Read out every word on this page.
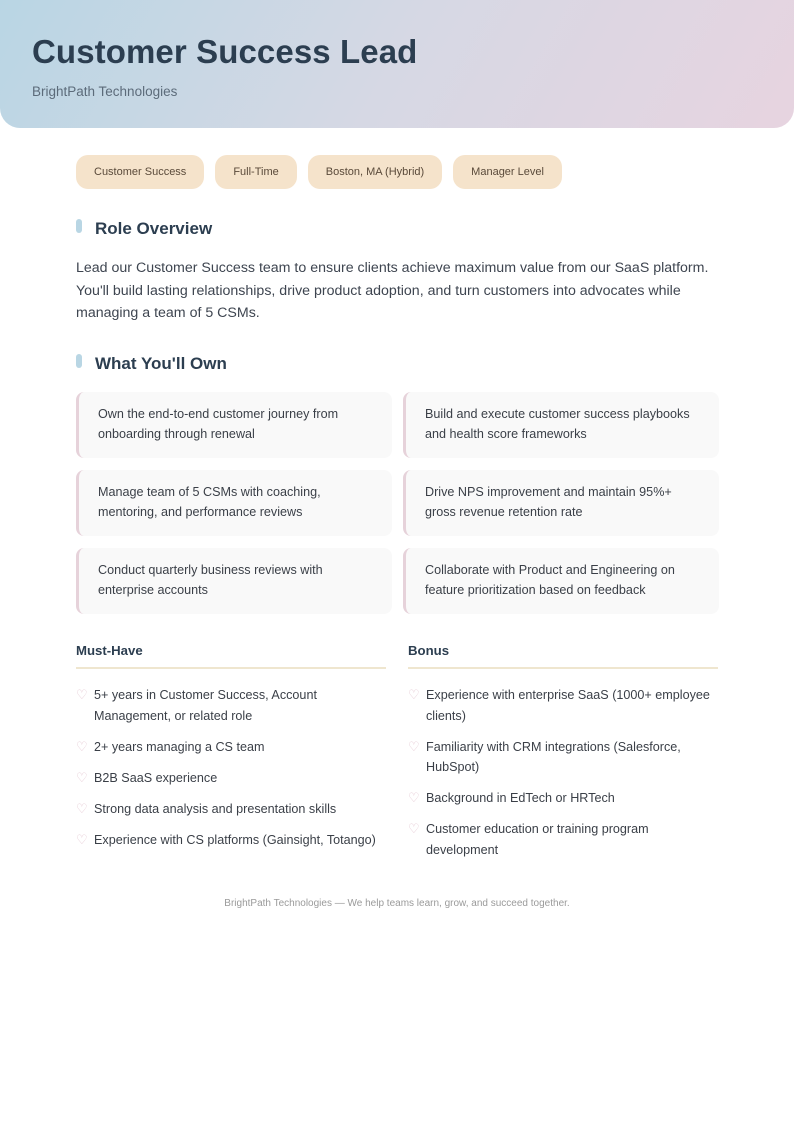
Customer Success Lead
BrightPath Technologies
Customer Success	Full-Time	Boston, MA (Hybrid)	Manager Level
Role Overview

Lead our Customer Success team to ensure clients achieve maximum value from our SaaS platform. You'll build lasting relationships, drive product adoption, and turn customers into advocates while managing a team of 5 CSMs.

What You'll Own
Own the end-to-end customer journey from onboarding through renewal
Build and execute customer success playbooks and health score frameworks
Manage team of 5 CSMs with coaching, mentoring, and performance reviews
Drive NPS improvement and maintain 95%+ gross revenue retention rate
Conduct quarterly business reviews with enterprise accounts
Collaborate with Product and Engineering on feature prioritization based on feedback
Must-Have
♡ 5+ years in Customer Success, Account Management, or related role
♡ 2+ years managing a CS team
♡ B2B SaaS experience
♡ Strong data analysis and presentation skills
♡ Experience with CS platforms (Gainsight, Totango)
Bonus
♡ Experience with enterprise SaaS (1000+ employee clients)
♡ Familiarity with CRM integrations (Salesforce, HubSpot)
♡ Background in EdTech or HRTech
♡ Customer education or training program development
BrightPath Technologies — We help teams learn, grow, and succeed together.
